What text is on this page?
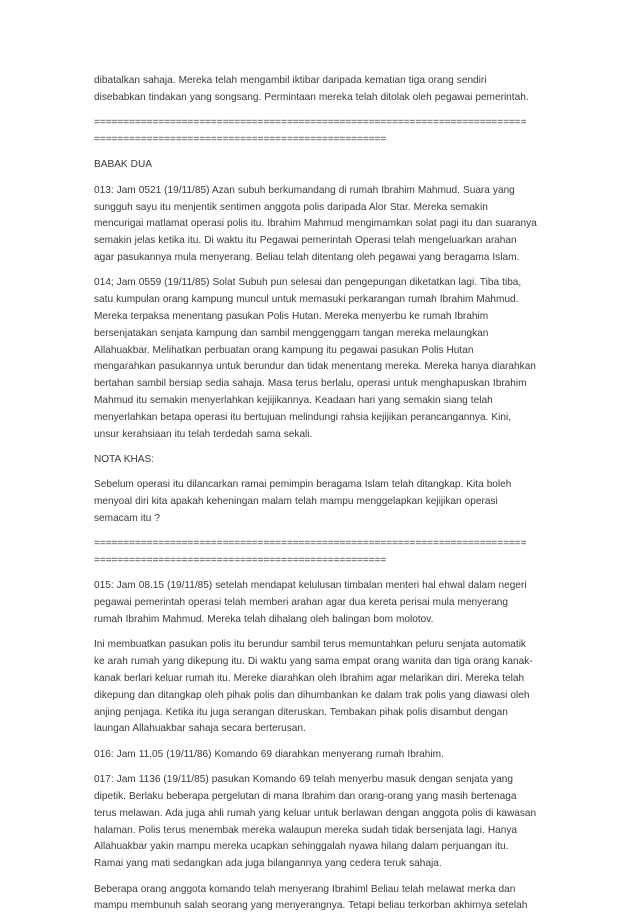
dibatalkan sahaja. Mereka telah mengambil iktibar daripada kematian tiga orang sendiri
disebabkan tindakan yang songsang. Permintaan mereka telah ditolak oleh pegawai pemerintah.

==========================================================================
==================================================

BABAK DUA

013: Jam 0521 (19/11/85) Azan subuh berkumandang di rumah Ibrahim Mahmud. Suara yang
sungguh sayu itu menjentik sentimen anggota polis daripada Alor Star. Mereka semakin
mencurigai matlamat operasi polis itu. Ibrahim Mahmud mengimamkan solat pagi itu dan suaranya
semakin jelas ketika itu. Di waktu itu Pegawai pemerintah Operasi telah mengeluarkan arahan
agar pasukannya mula menyerang. Beliau telah ditentang oleh pegawai yang beragama Islam.

014; Jam 0559 (19/11/85) Solat Subuh pun selesai dan pengepungan diketatkan lagi. Tiba tiba,
satu kumpulan orang kampung muncul untuk memasuki perkarangan rumah Ibrahim Mahmud.
Mereka terpaksa menentang pasukan Polis Hutan. Mereka menyerbu ke rumah Ibrahim
bersenjatakan senjata kampung dan sambil menggenggam tangan mereka melaungkan
Allahuakbar. Melihatkan perbuatan orang kampung itu pegawai pasukan Polis Hutan
mengarahkan pasukannya untuk berundur dan tidak menentang mereka. Mereka hanya diarahkan
bertahan sambil bersiap sedia sahaja. Masa terus berlalu, operasi untuk menghapuskan Ibrahim
Mahmud itu semakin menyerlahkan kejijikannya. Keadaan hari yang semakin siang telah
menyerlahkan betapa operasi itu bertujuan melindungi rahsia kejijikan perancangannya. Kini,
unsur kerahsiaan itu telah terdedah sama sekali.

NOTA KHAS:

Sebelum operasi itu dilancarkan ramai pemimpin beragama Islam telah ditangkap. Kita boleh
menyoal diri kita apakah keheningan malam telah mampu menggelapkan kejijikan operasi
semacam itu ?

==========================================================================
==================================================

015: Jam 08.15 (19/11/85) setelah mendapat kelulusan timbalan menteri hal ehwal dalam negeri
pegawai pemerintah operasi telah memberi arahan agar dua kereta perisai mula menyerang
rumah Ibrahim Mahmud. Mereka telah dihalang oleh balingan bom molotov.

Ini membuatkan pasukan polis itu berundur sambil terus memuntahkan peluru senjata automatik
ke arah rumah yang dikepung itu. Di waktu yang sama empat orang wanita dan tiga orang kanak-
kanak berlari keluar rumah itu. Mereke diarahkan oleh Ibrahim agar melarikan diri. Mereka telah
dikepung dan ditangkap oleh pihak polis dan dihumbankan ke dalam trak polis yang diawasi oleh
anjing penjaga. Ketika itu juga serangan diteruskan. Tembakan pihak polis disambut dengan
laungan Allahuakbar sahaja secara berterusan.

016: Jam 11.05 (19/11/86) Komando 69 diarahkan menyerang rumah Ibrahim.

017: Jam 1136 (19/11/85) pasukan Komando 69 telah menyerbu masuk dengan senjata yang
dipetik. Berlaku beberapa pergelutan di mana Ibrahim dan orang-orang yang masih bertenaga
terus melawan. Ada juga ahli rumah yang keluar untuk berlawan dengan anggota polis di kawasan
halaman. Polis terus menembak mereka walaupun mereka sudah tidak bersenjata lagi. Hanya
Allahuakbar yakin mampu mereka ucapkan sehinggalah nyawa hilang dalam perjuangan itu.
Ramai yang mati sedangkan ada juga bilangannya yang cedera teruk sahaja.

Beberapa orang anggota komando telah menyerang Ibrahiml Beliau telah melawat merka dan
mampu membunuh salah seorang yang menyerangnya. Tetapi beliau terkorban akhirnya setelah
